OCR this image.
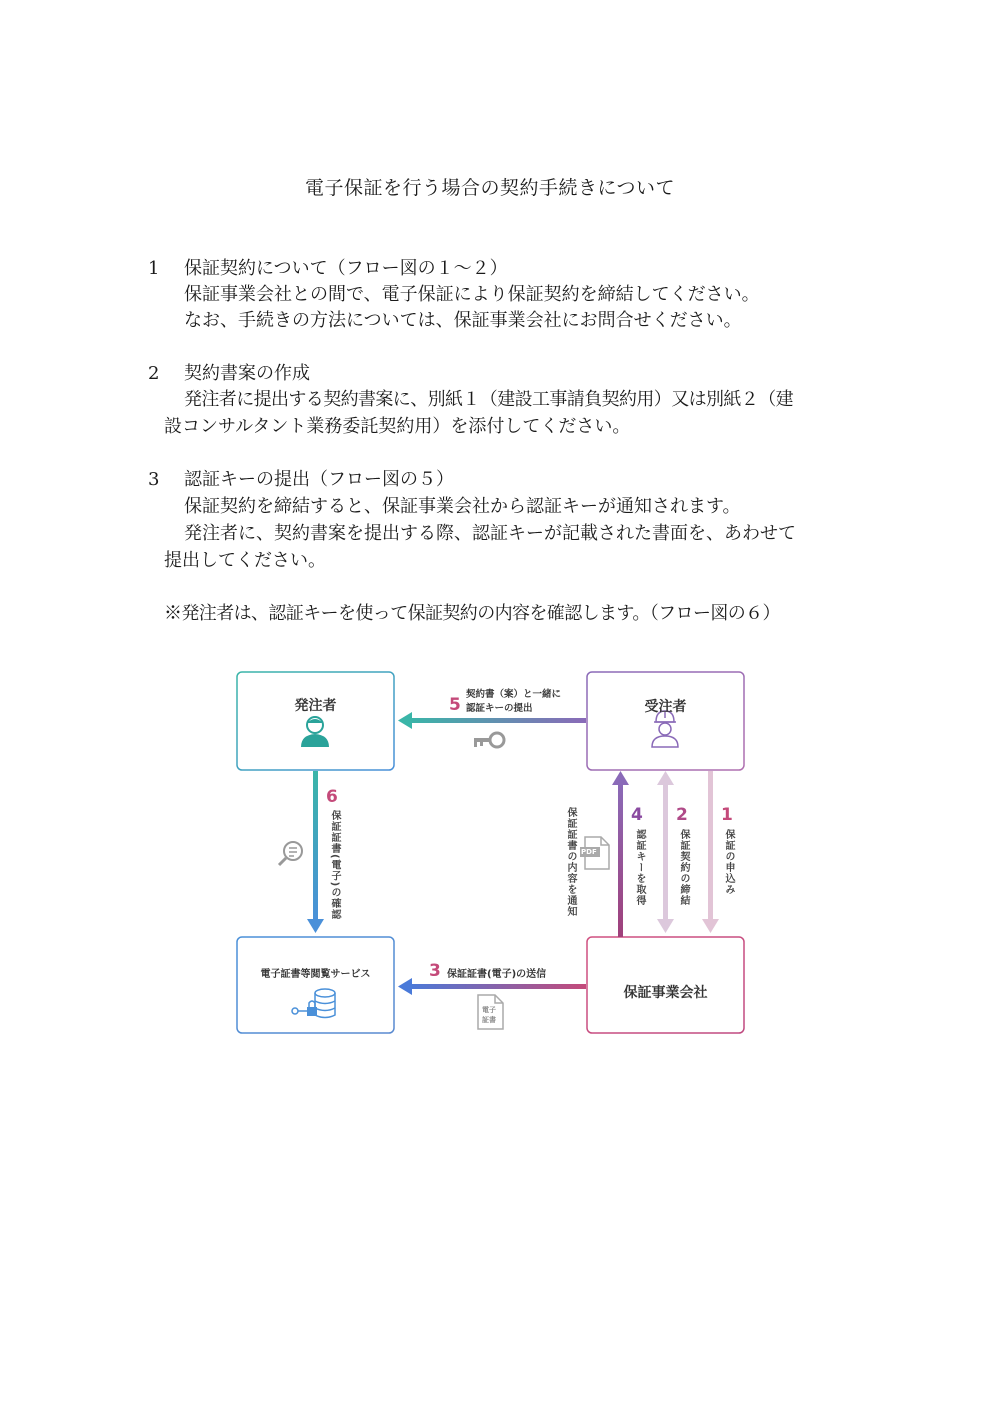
電子保証を行う場合の契約手続きについて
1 保証契約について（フロー図の１～２）
保証事業会社との間で、電子保証により保証契約を締結してください。
なお、手続きの方法については、保証事業会社にお問合せください。
2 契約書案の作成
発注者に提出する契約書案に、別紙１（建設工事請負契約用）又は別紙２（建
設コンサルタント業務委託契約用）を添付してください。
3 認証キーの提出（フロー図の５）
保証契約を締結すると、保証事業会社から認証キーが通知されます。
発注者に、契約書案を提出する際、認証キーが記載された書面を、あわせて
提出してください。
※発注者は、認証キーを使って保証契約の内容を確認します。（フロー図の６）
発注者	受注者
電子証書等閲覧サービス
保証事業会社
5
契約書（案）と一緒に
認証キーの提出
6
保証証書(電子)の確認
3 保証証書(電子)の送信
4
認証キーを取得
2
保証契約の締結
1
保証の申込み
保証証書の内容を通知 PDF
電子
証書
